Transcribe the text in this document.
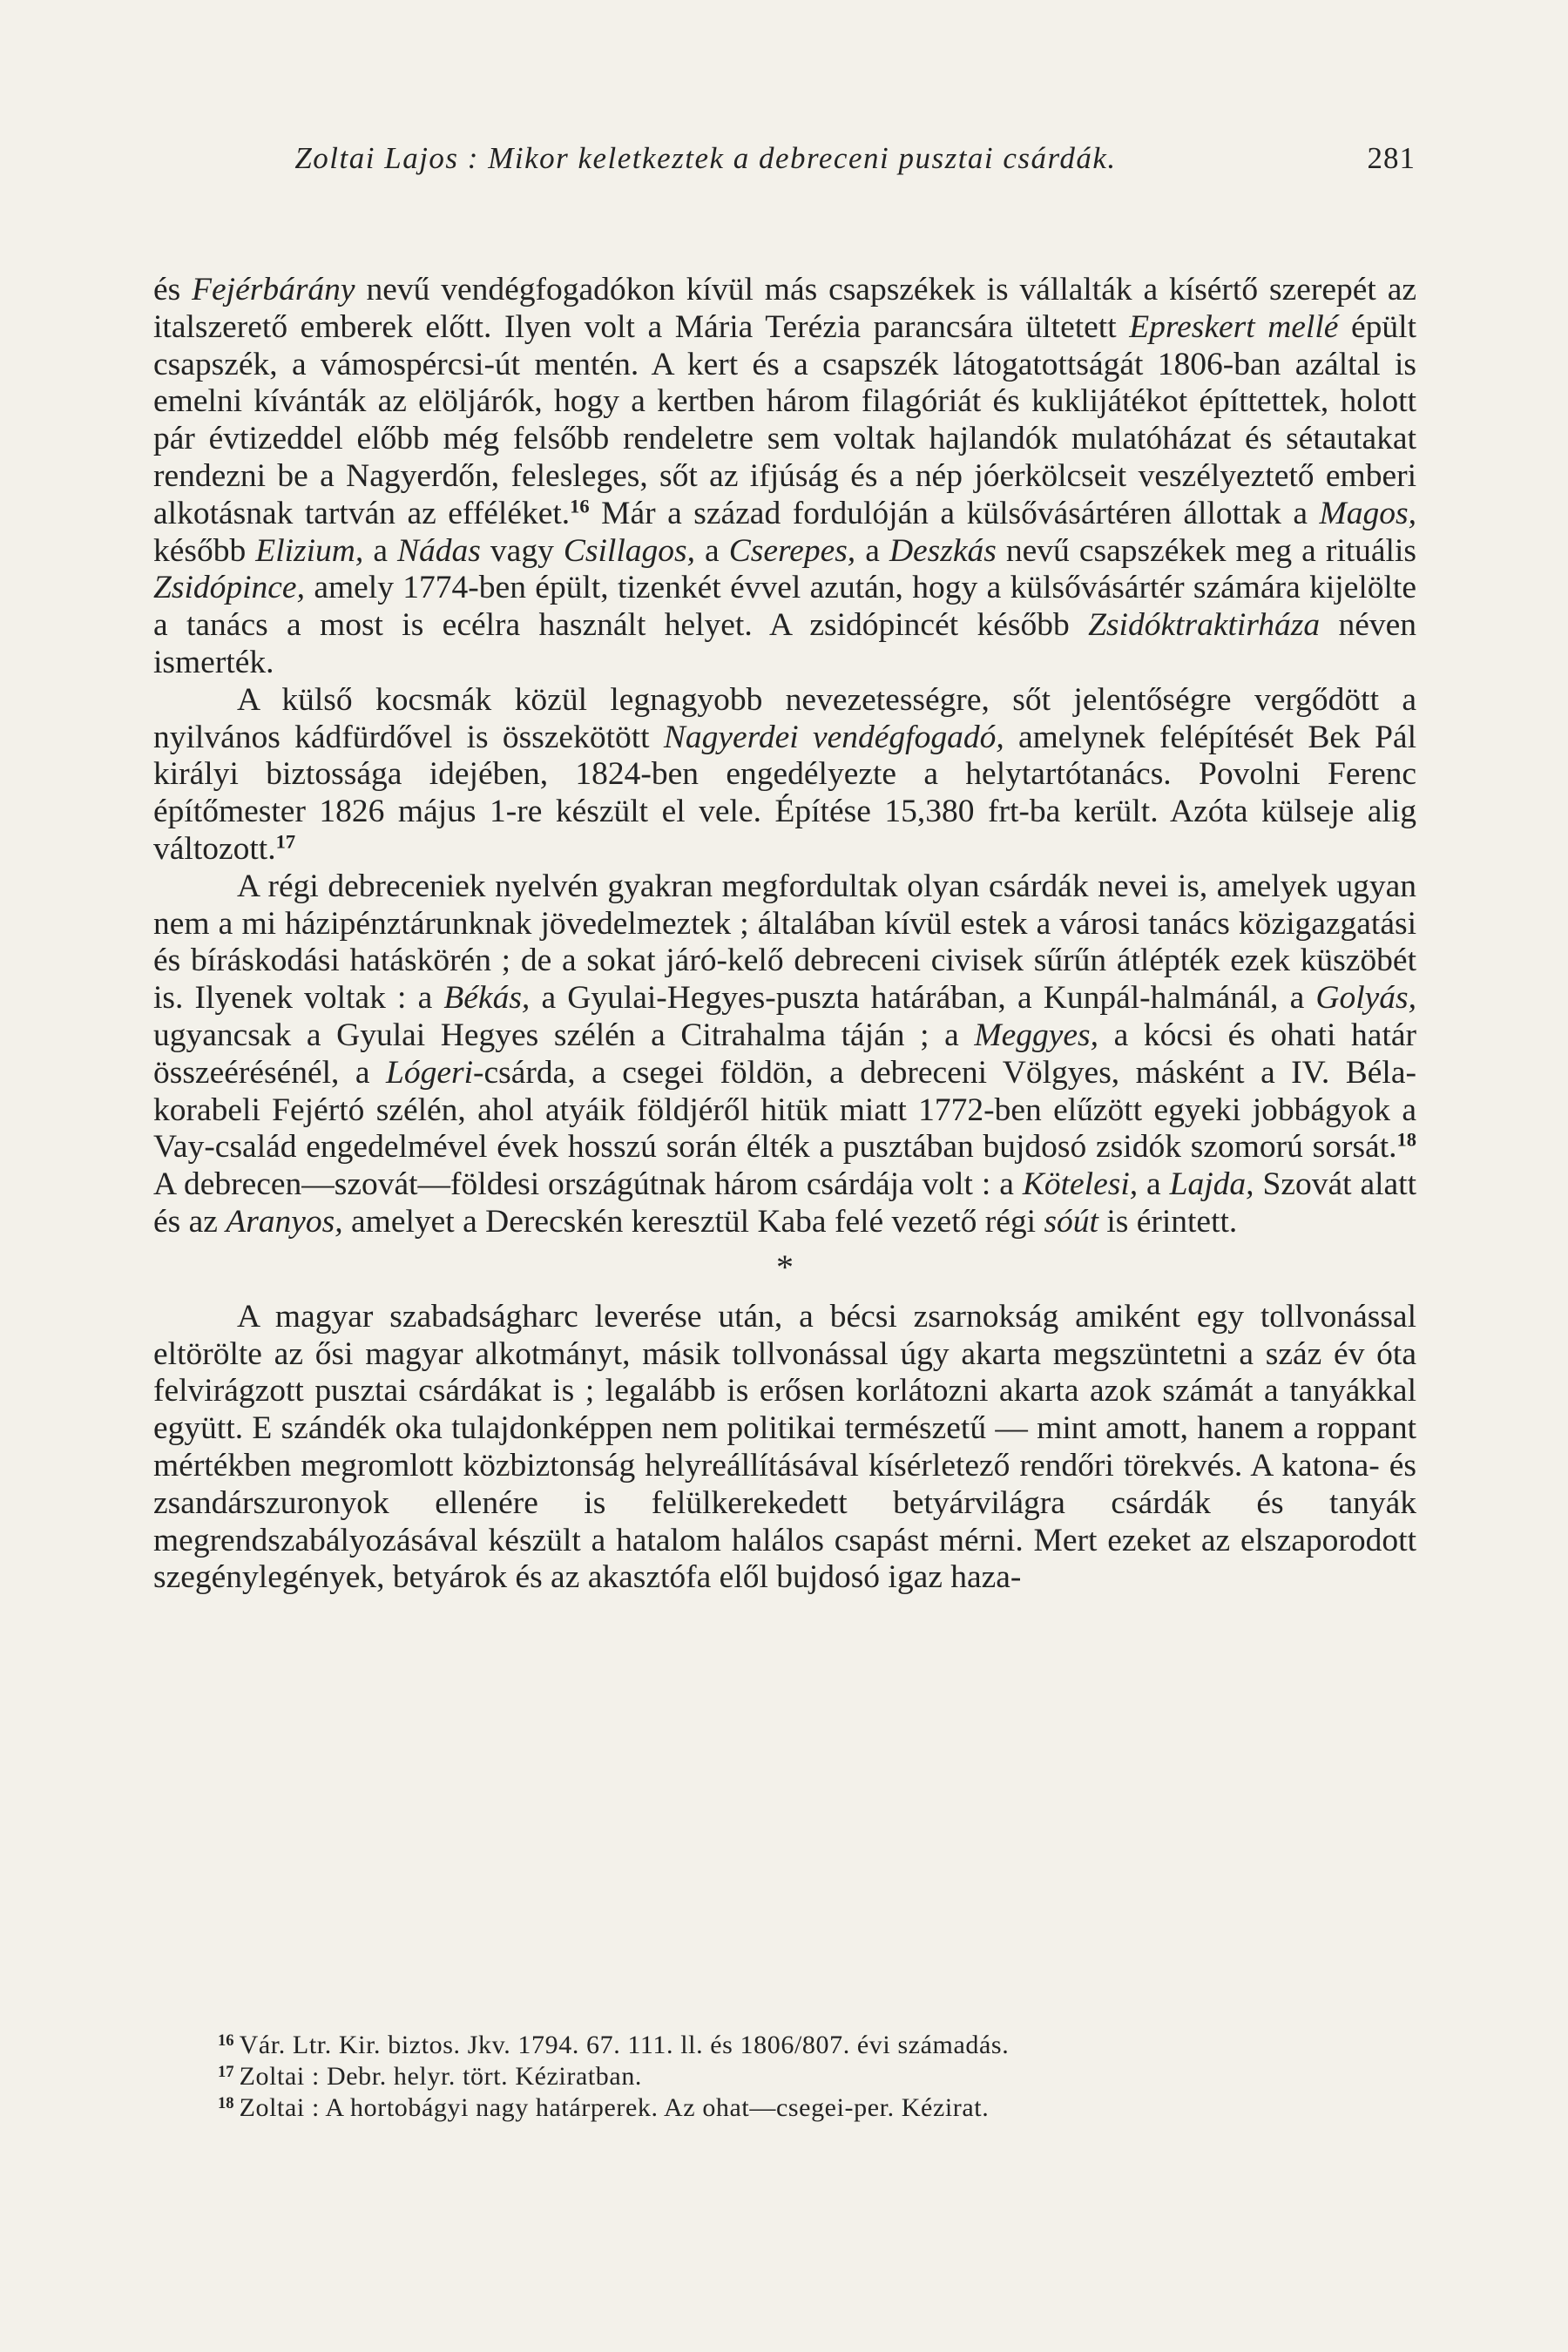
Zoltai Lajos : Mikor keletkeztek a debreceni pusztai csárdák.	281

és Fejérbárány nevű vendégfogadókon kívül más csapszékek is vállalták a kísértő szerepét az italszerető emberek előtt. Ilyen volt a Mária Terézia parancsára ültetett Epreskert mellé épült csapszék, a vámospércsi-út mentén. A kert és a csapszék látogatottságát 1806-ban azáltal is emelni kívánták az elöljárók, hogy a kertben három filagóriát és kuklijátékot építtettek, holott pár évtizeddel előbb még felsőbb rendeletre sem voltak hajlandók mulatóházat és sétautakat rendezni be a Nagyerdőn, felesleges, sőt az ifjúság és a nép jóerkölcseit veszélyeztető emberi alkotásnak tartván az efféléket.$^{16}$ Már a század fordulóján a külsővásártéren állottak a Magos, később Elizium, a Nádas vagy Csillagos, a Cserepes, a Deszkás nevű csapszékek meg a rituális Zsidópince, amely 1774-ben épült, tizenkét évvel azután, hogy a külsővásártér számára kijelölte a tanács a most is ecélra használt helyet. A zsidópincét később Zsidóktraktirháza néven ismerték.

A külső kocsmák közül legnagyobb nevezetességre, sőt jelentőségre vergődött a nyilvános kádfürdővel is összekötött Nagyerdei vendégfogadó, amelynek felépítését Bek Pál királyi biztossága idejében, 1824-ben engedélyezte a helytartótanács. Povolni Ferenc építőmester 1826 május 1-re készült el vele. Építése 15,380 frt-ba került. Azóta külseje alig változott.$^{17}$

A régi debreceniek nyelvén gyakran megfordultak olyan csárdák nevei is, amelyek ugyan nem a mi házipénztárunknak jövedelmeztek ; általában kívül estek a városi tanács közigazgatási és bíráskodási hatáskörén ; de a sokat járó-kelő debreceni civisek sűrűn átlépték ezek küszöbét is. Ilyenek voltak : a Békás, a Gyulai-Hegyes-puszta határában, a Kunpál-halmánál, a Golyás, ugyancsak a Gyulai Hegyes szélén a Citrahalma táján ; a Meggyes, a kócsi és ohati határ összeérésénél, a Lógeri-csárda, a csegei földön, a debreceni Völgyes, másként a IV. Bélakorabeli Fejértó szélén, ahol atyáik földjéről hitük miatt 1772-ben elűzött egyeki jobbágyok a Vay-család engedelmével évek hosszú során élték a pusztában bujdosó zsidók szomorú sorsát.$^{18}$ A debrecen—szovát—földesi országútnak három csárdája volt : a Kötelesi, a Lajda, Szovát alatt és az Aranyos, amelyet a Derecskén keresztül Kaba felé vezető régi sóút is érintett.

*

A magyar szabadságharc leverése után, a bécsi zsarnokság amiként egy tollvonással eltörölte az ősi magyar alkotmányt, másik tollvonással úgy akarta megszüntetni a száz év óta felvirágzott pusztai csárdákat is ; legalább is erősen korlátozni akarta azok számát a tanyákkal együtt. E szándék oka tulajdonképpen nem politikai természetű — mint amott, hanem a roppant mértékben megromlott közbiztonság helyreállításával kísérletező rendőri törekvés. A katona- és zsandárszuronyok ellenére is felülkerekedett betyárvilágra csárdák és tanyák megrendszabályozásával készült a hatalom halálos csapást mérni. Mert ezeket az elszaporodott szegénylegények, betyárok és az akasztófa elől bujdosó igaz haza-

$^{16}$ Vár. Ltr. Kir. biztos. Jkv. 1794. 67. 111. ll. és 1806/807. évi számadás.

$^{17}$ Zoltai : Debr. helyr. tört. Kéziratban.

$^{18}$ Zoltai : A hortobágyi nagy határperek. Az ohat—csegei-per. Kézirat.
